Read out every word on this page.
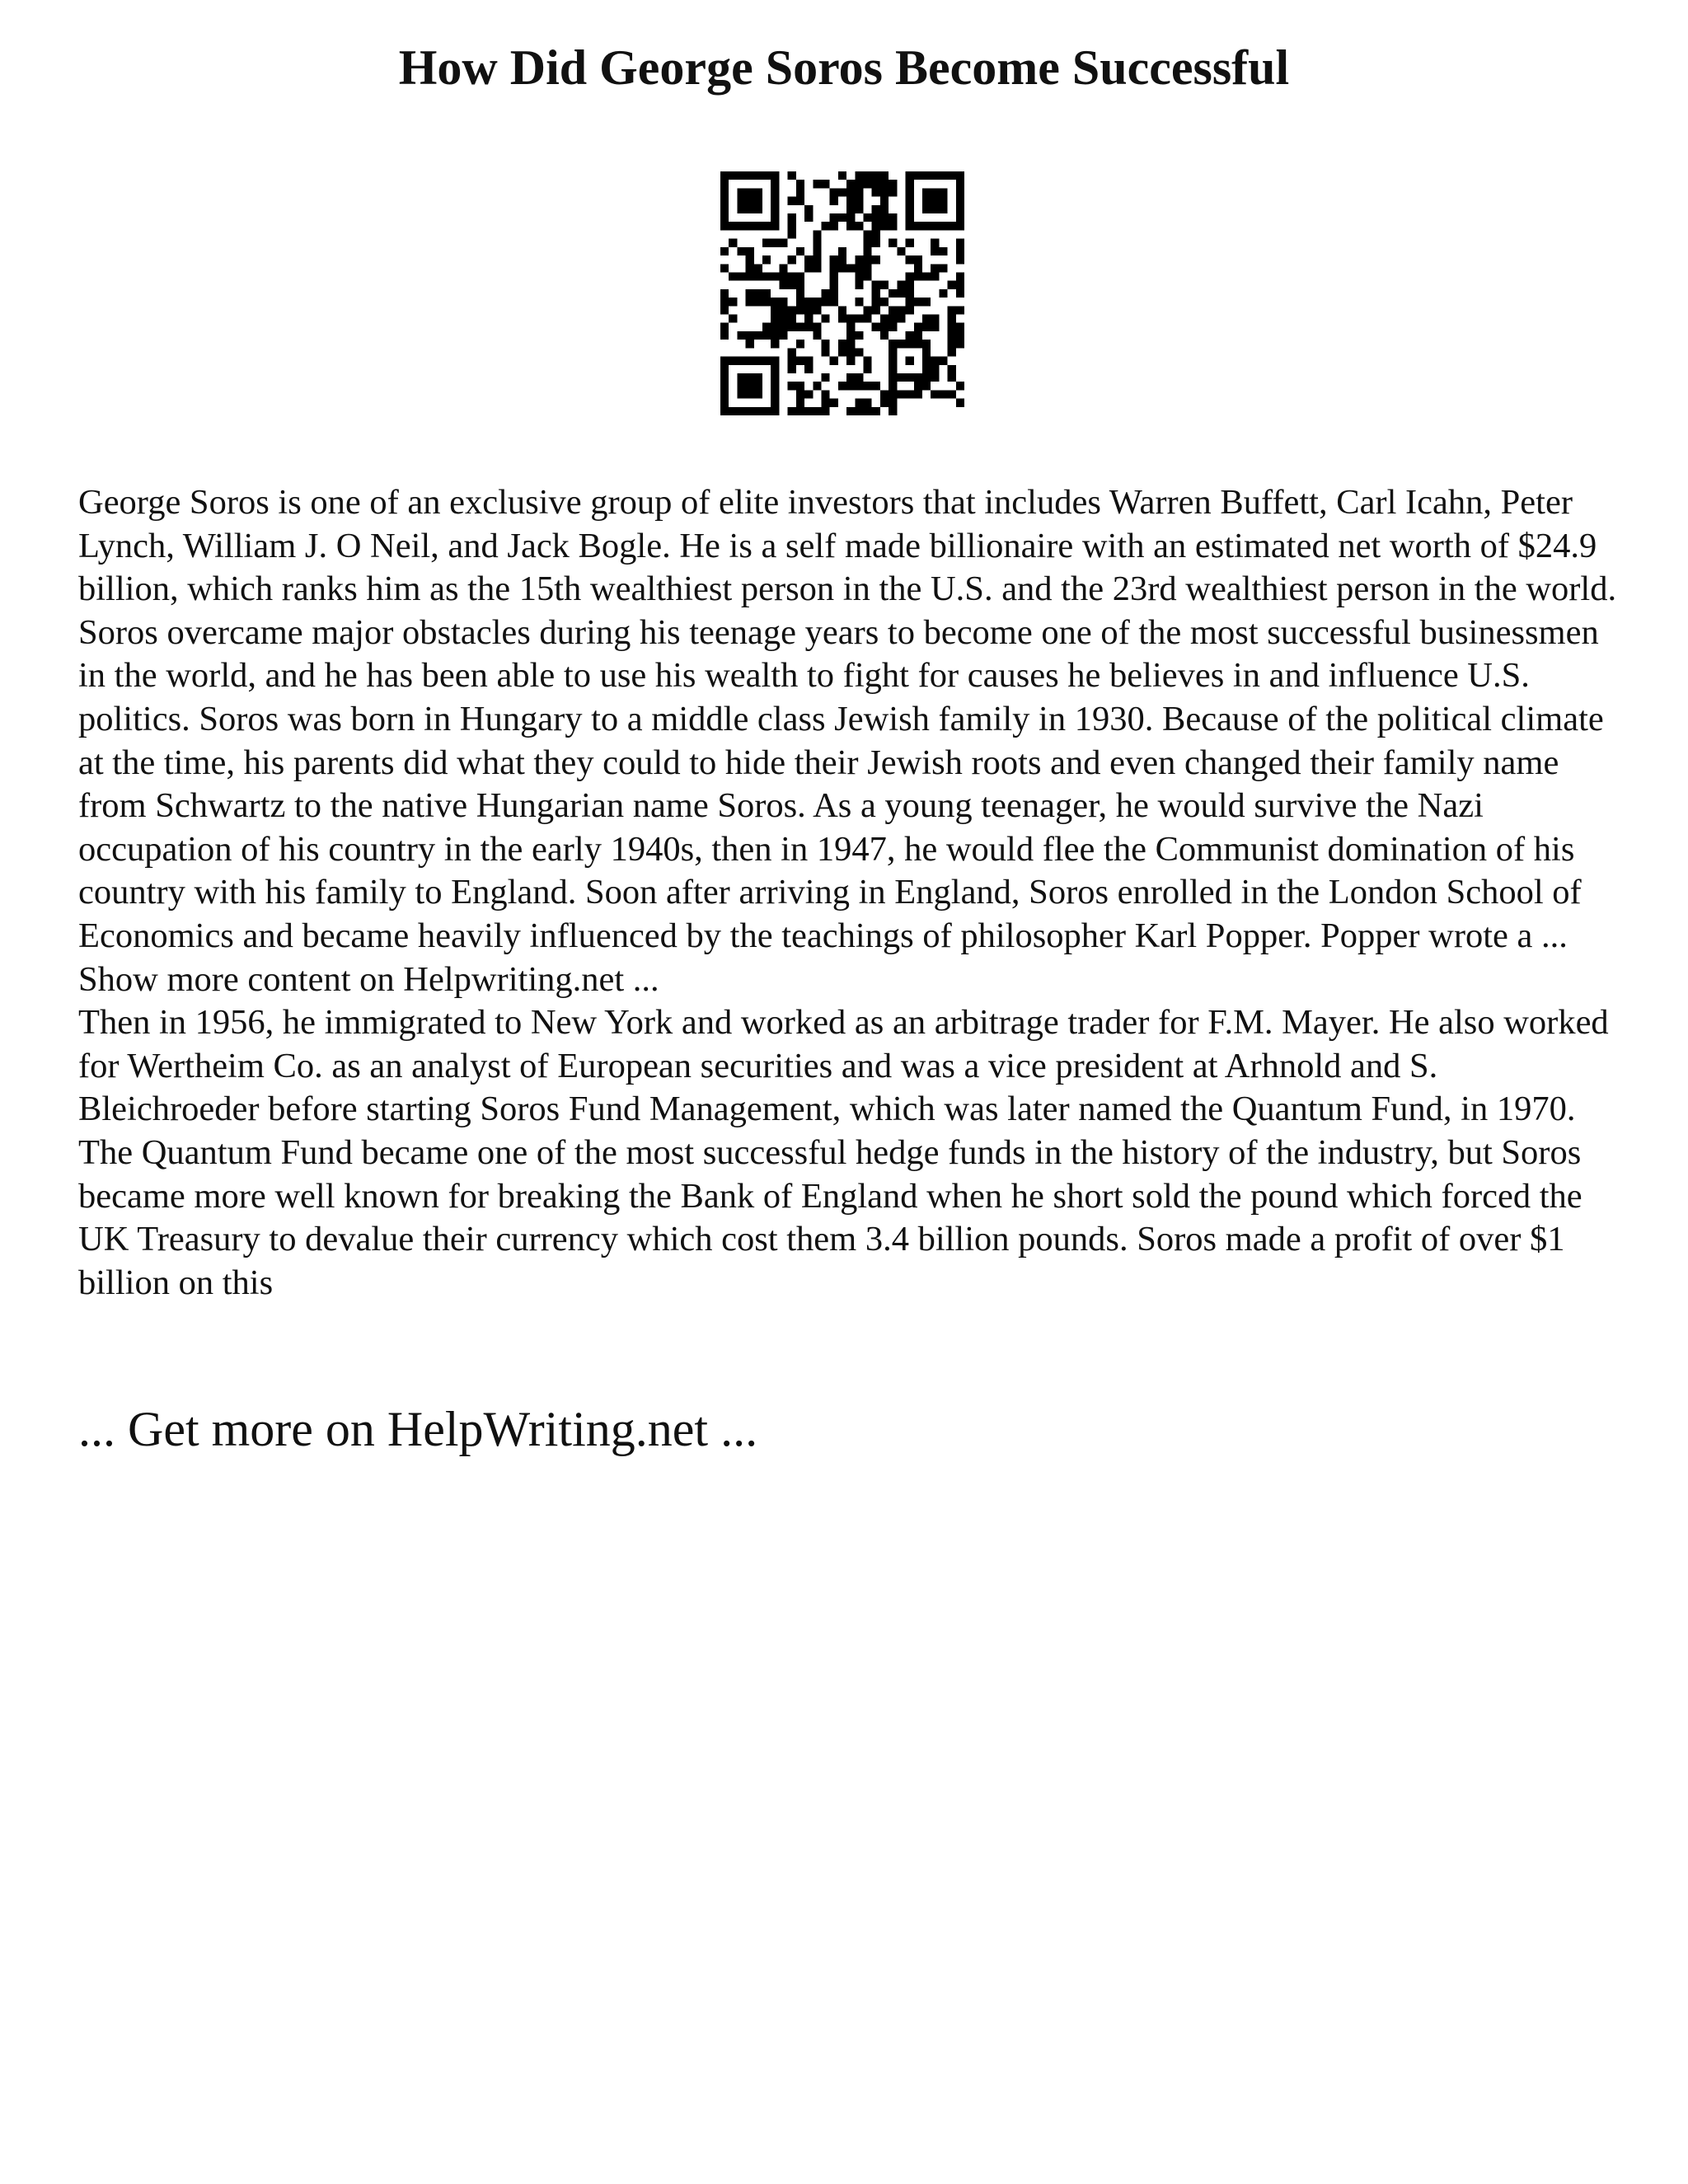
How Did George Soros Become Successful

George Soros is one of an exclusive group of elite investors that includes Warren Buffett, Carl Icahn, Peter Lynch, William J. O Neil, and Jack Bogle. He is a self made billionaire with an estimated net worth of $24.9 billion, which ranks him as the 15th wealthiest person in the U.S. and the 23rd wealthiest person in the world. Soros overcame major obstacles during his teenage years to become one of the most successful businessmen in the world, and he has been able to use his wealth to fight for causes he believes in and influence U.S. politics. Soros was born in Hungary to a middle class Jewish family in 1930. Because of the political climate at the time, his parents did what they could to hide their Jewish roots and even changed their family name from Schwartz to the native Hungarian name Soros. As a young teenager, he would survive the Nazi occupation of his country in the early 1940s, then in 1947, he would flee the Communist domination of his country with his family to England. Soon after arriving in England, Soros enrolled in the London School of Economics and became heavily influenced by the teachings of philosopher Karl Popper. Popper wrote a ... Show more content on Helpwriting.net ...

Then in 1956, he immigrated to New York and worked as an arbitrage trader for F.M. Mayer. He also worked for Wertheim Co. as an analyst of European securities and was a vice president at Arhnold and S. Bleichroeder before starting Soros Fund Management, which was later named the Quantum Fund, in 1970. The Quantum Fund became one of the most successful hedge funds in the history of the industry, but Soros became more well known for breaking the Bank of England when he short sold the pound which forced the UK Treasury to devalue their currency which cost them 3.4 billion pounds. Soros made a profit of over $1 billion on this

... Get more on HelpWriting.net ...
